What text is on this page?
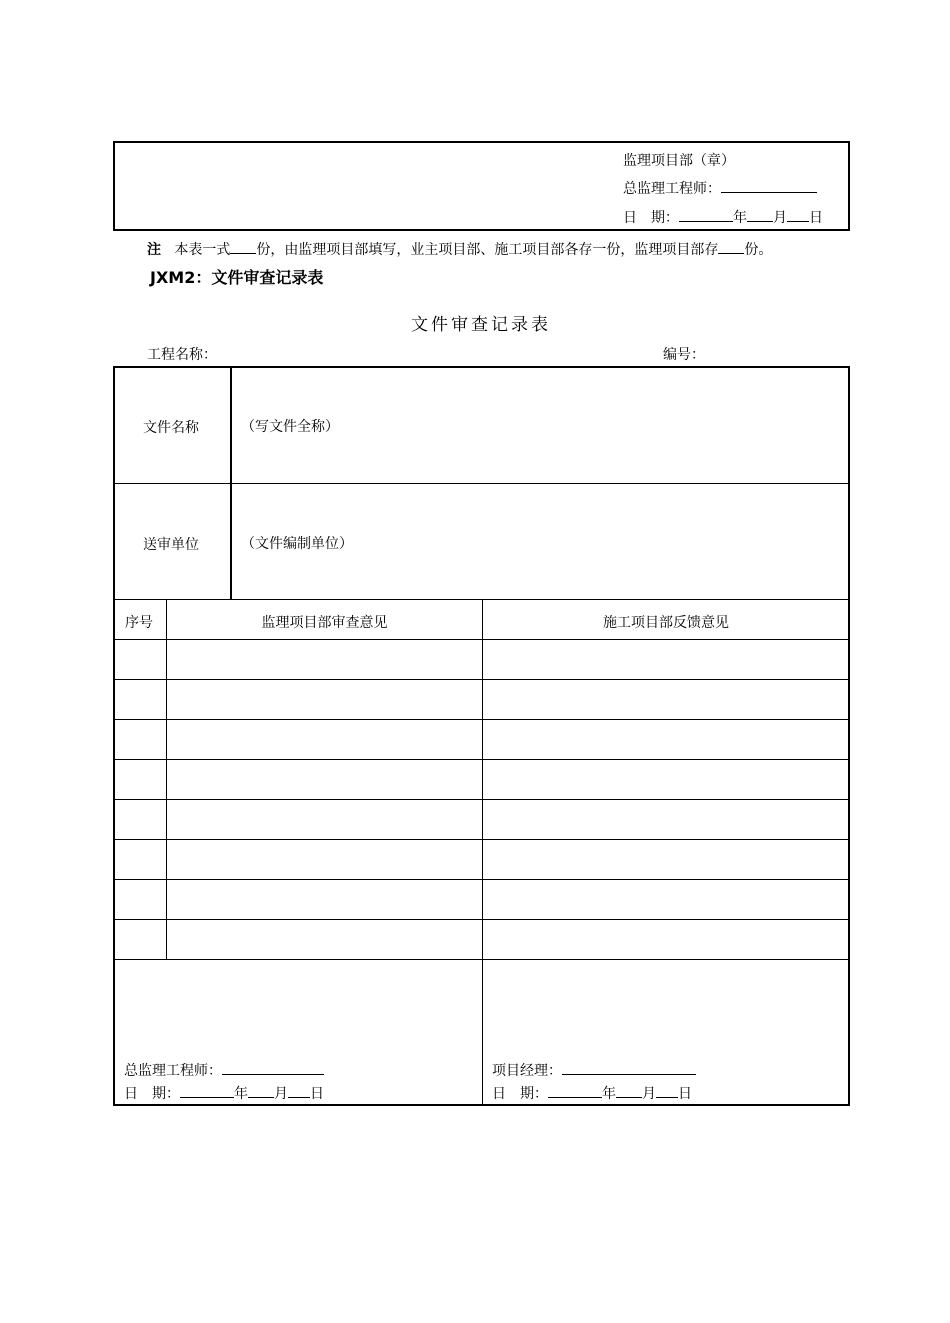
监理项目部（章）
总监理工程师：
日　期：	年 月 日
注 本表一式 份，由监理项目部填写，业主项目部、施工项目部各存一份，监理项目部存 份。
JXM2：文件审查记录表
文件审查记录表
工程名称：	编号：
文件名称	（写文件全称）
送审单位	（文件编制单位）
序号	监理项目部审查意见	施工项目部反馈意见
总监理工程师：
日　期：	年 月 日
项目经理：
日　期：	年 月 日
